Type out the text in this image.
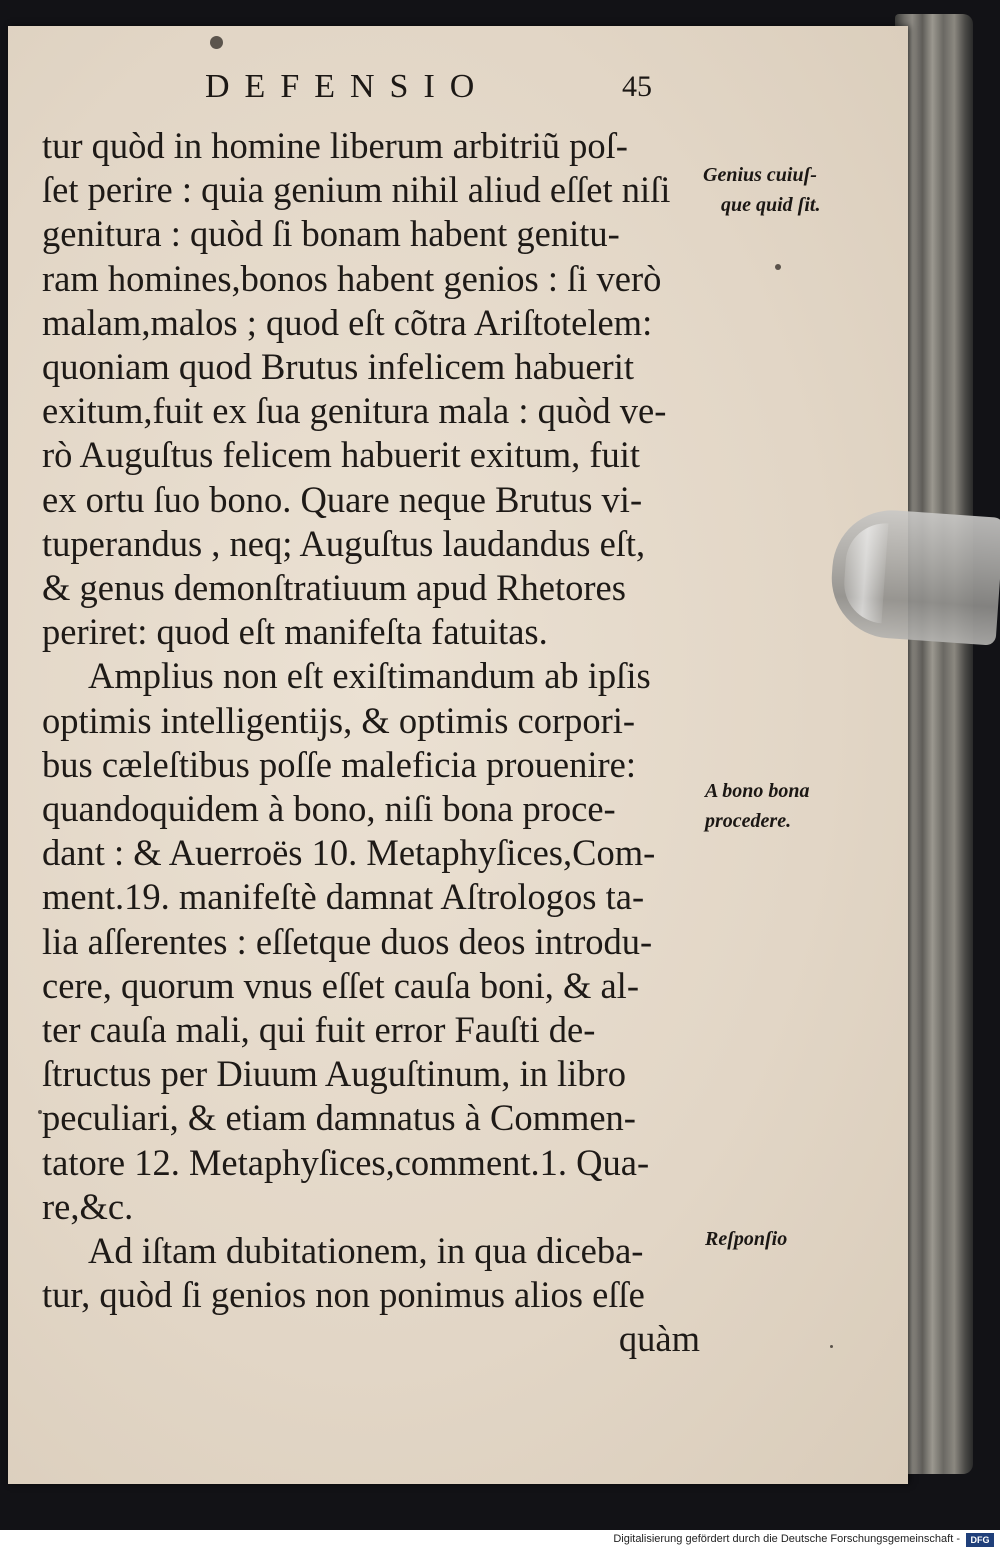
DEFENSIO	45
tur quòd in homine liberum arbitriũ poſ-
ſet perire : quia genium nihil aliud eſſet niſi
genitura : quòd ſi bonam habent genitu-
ram homines,bonos habent genios : ſi verò
malam,malos ; quod eſt cõtra Ariſtotelem:
quoniam quod Brutus infelicem habuerit
exitum,fuit ex ſua genitura mala : quòd ve-
rò Auguſtus felicem habuerit exitum, fuit
ex ortu ſuo bono. Quare neque Brutus vi-
tuperandus , neq; Auguſtus laudandus eſt,
& genus demonſtratiuum apud Rhetores
periret: quod eſt manifeſta fatuitas.
Amplius non eſt exiſtimandum ab ipſis
optimis intelligentijs, & optimis corpori-
bus cæleſtibus poſſe maleficia prouenire:
quandoquidem à bono, niſi bona proce-
dant : & Auerroës 10. Metaphyſices,Com-
ment.19. manifeſtè damnat Aſtrologos ta-
lia aſſerentes : eſſetque duos deos introdu-
cere, quorum vnus eſſet cauſa boni, & al-
ter cauſa mali, qui fuit error Fauſti de-
ſtructus per Diuum Auguſtinum, in libro
peculiari, & etiam damnatus à Commen-
tatore 12. Metaphyſices,comment.1. Qua-
re,&c.
Ad iſtam dubitationem, in qua diceba-
tur, quòd ſi genios non ponimus alios eſſe
quàm
Genius cuiuſ-
que quid ſit.
A bono bona
procedere.
Reſponſio
Digitalisierung gefördert durch die Deutsche Forschungsgemeinschaft -	DFG
